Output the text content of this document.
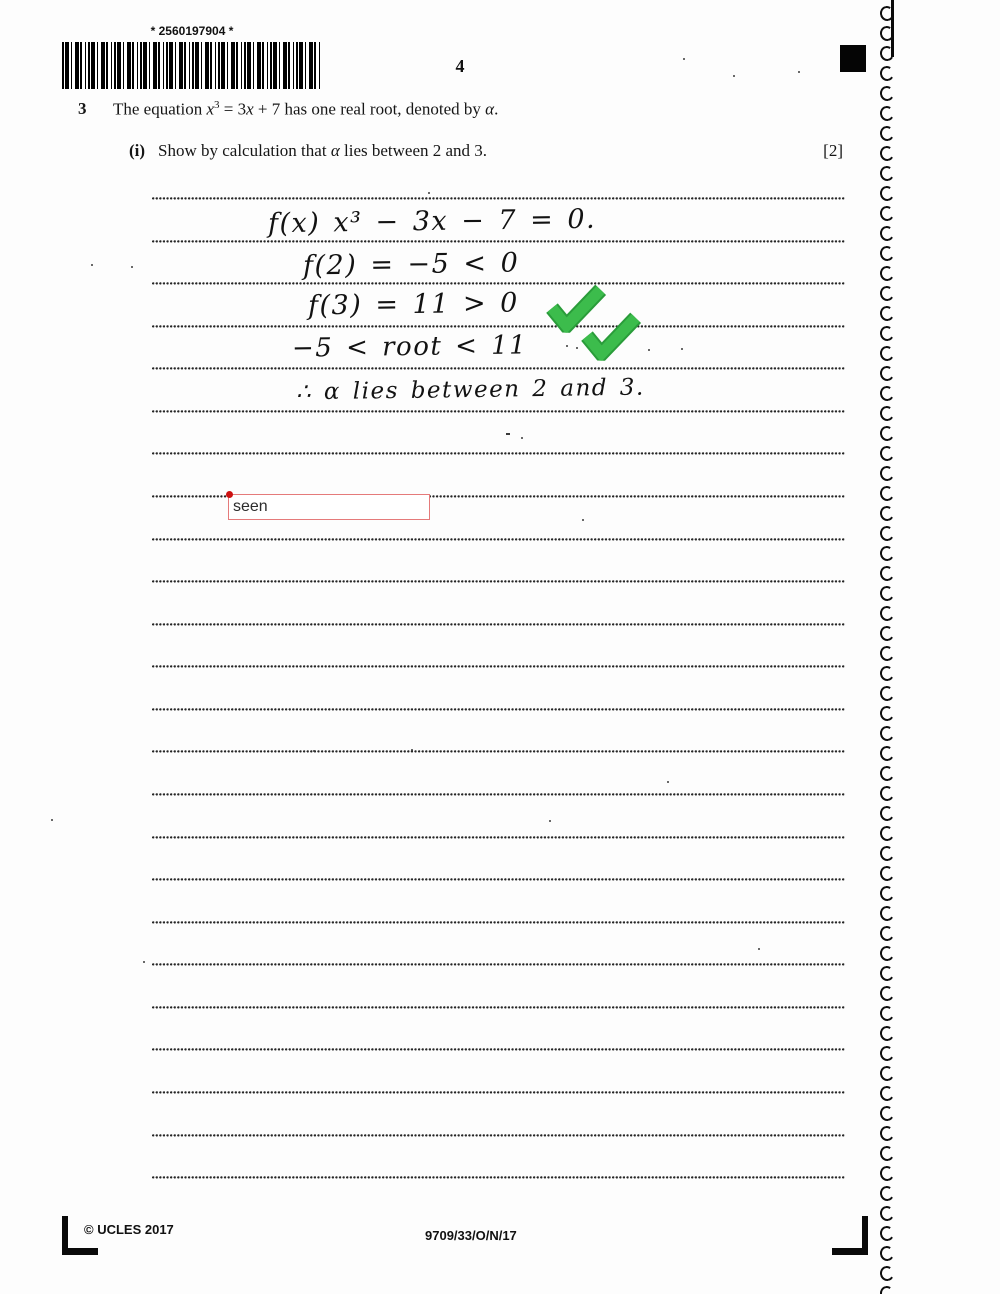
* 2560197904 *
4
3 The equation $x^3 = 3x + 7$ has one real root, denoted by α.
(i) Show by calculation that α lies between 2 and 3.	[2]
f(x) x³ − 3x − 7 = 0.
f(2) = −5 < 0
f(3) = 11 > 0
−5 < root < 11
∴ α lies between 2 and 3.
seen
© UCLES 2017	9709/33/O/N/17
